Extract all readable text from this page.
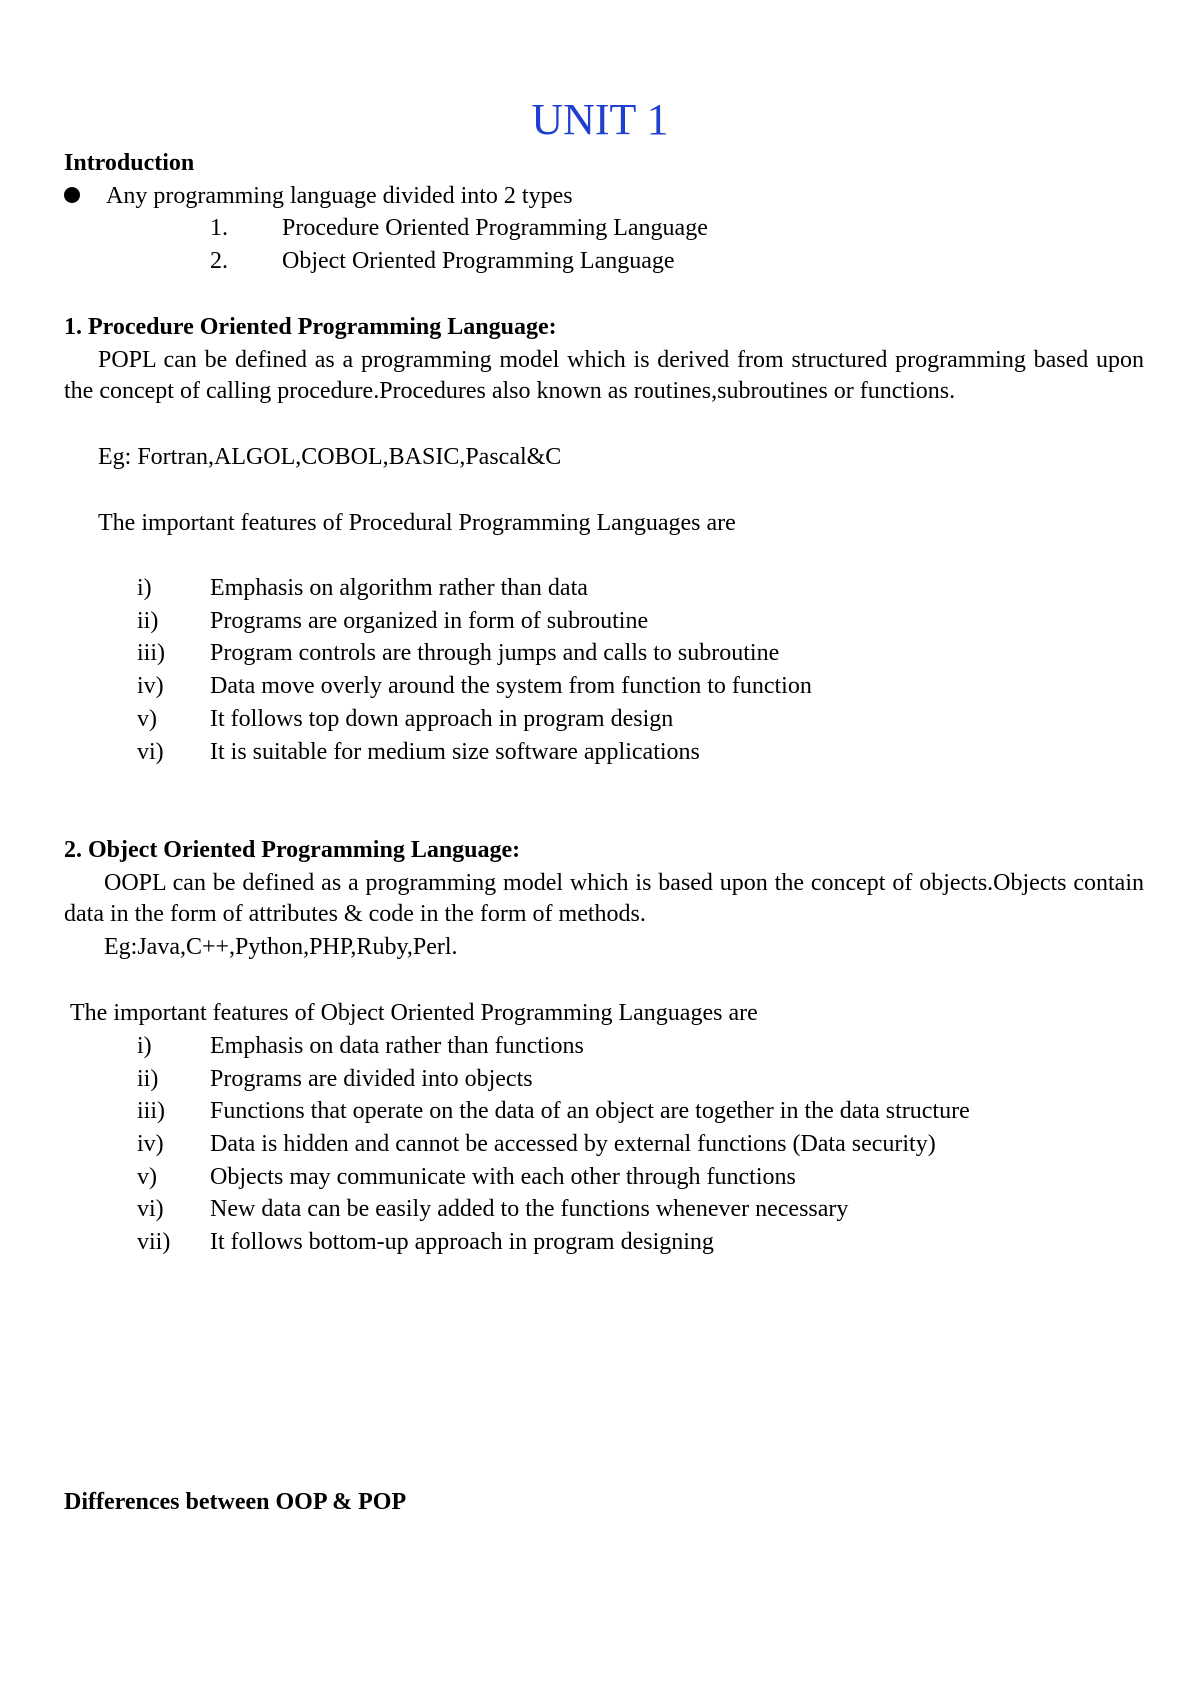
UNIT 1
Introduction
Any programming language divided into 2 types
1. Procedure Oriented Programming Language
2. Object Oriented Programming Language
1. Procedure Oriented Programming Language:
POPL can be defined as a programming model which is derived from structured programming based upon the concept of calling procedure.Procedures also known as routines,subroutines or functions.
Eg: Fortran,ALGOL,COBOL,BASIC,Pascal&C
The important features of Procedural Programming Languages are
i) Emphasis on algorithm rather than data
ii) Programs are organized in form of subroutine
iii) Program controls are through jumps and calls to subroutine
iv) Data move overly around the system from function to function
v) It follows top down approach in program design
vi) It is suitable for medium size software applications
2. Object Oriented Programming Language:
OOPL can be defined as a programming model which is based upon the concept of objects.Objects contain data in the form of attributes & code in the form of methods.
Eg:Java,C++,Python,PHP,Ruby,Perl.
The important features of Object Oriented Programming Languages are
i) Emphasis on data rather than functions
ii) Programs are divided into objects
iii) Functions that operate on the data of an object are together in the data structure
iv) Data is hidden and cannot be accessed by external functions (Data security)
v) Objects may communicate with each other through functions
vi) New data can be easily added to the functions whenever necessary
vii) It follows bottom-up approach in program designing
Differences between OOP & POP
